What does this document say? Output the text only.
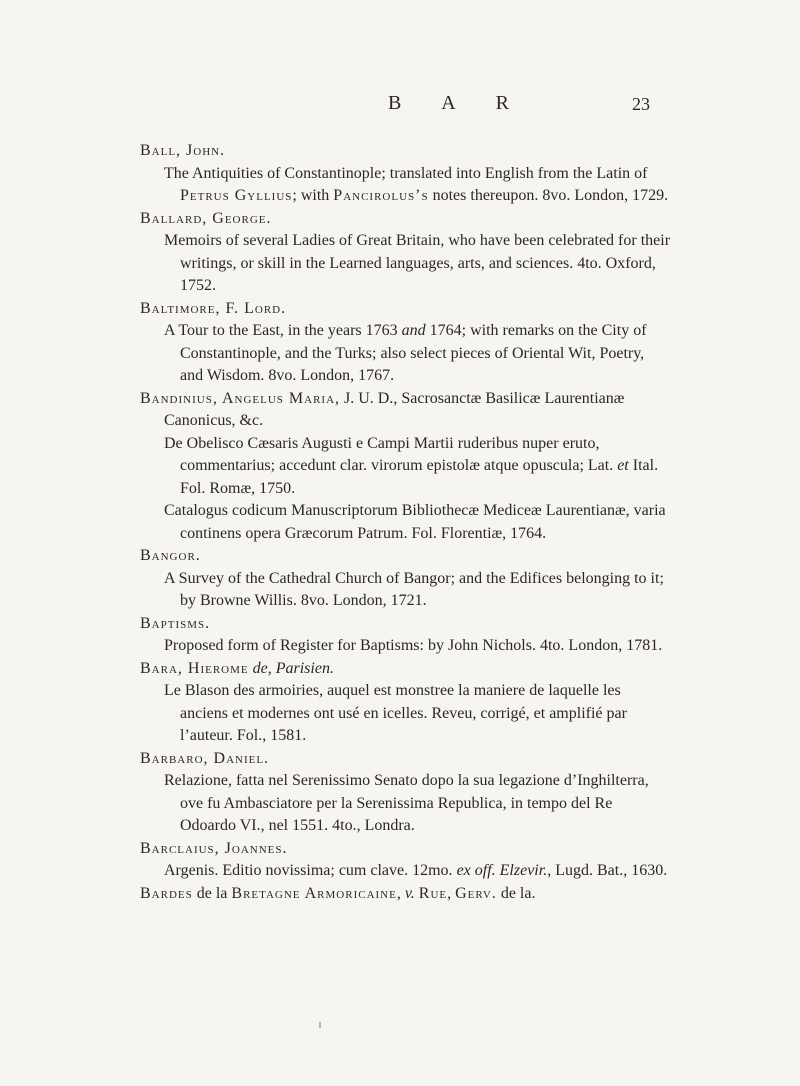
B A R	23
Ball, John.
The Antiquities of Constantinople; translated into English from the Latin of Petrus Gyllius; with Pancirolus’s notes thereupon. 8vo. London, 1729.
Ballard, George.
Memoirs of several Ladies of Great Britain, who have been celebrated for their writings, or skill in the Learned languages, arts, and sciences. 4to. Oxford, 1752.
Baltimore, F. Lord.
A Tour to the East, in the years 1763 and 1764; with remarks on the City of Constantinople, and the Turks; also select pieces of Oriental Wit, Poetry, and Wisdom. 8vo. London, 1767.
Bandinius, Angelus Maria, J. U. D., Sacrosanctæ Basilicæ Laurentianæ Canonicus, &c.
De Obelisco Cæsaris Augusti e Campi Martii ruderibus nuper eruto, commentarius; accedunt clar. virorum epistolæ atque opuscula; Lat. et Ital. Fol. Romæ, 1750.
Catalogus codicum Manuscriptorum Bibliothecæ Mediceæ Laurentianæ, varia continens opera Græcorum Patrum. Fol. Florentiæ, 1764.
Bangor.
A Survey of the Cathedral Church of Bangor; and the Edifices belonging to it; by Browne Willis. 8vo. London, 1721.
Baptisms.
Proposed form of Register for Baptisms: by John Nichols. 4to. London, 1781.
Bara, Hierome de, Parisien.
Le Blason des armoiries, auquel est monstree la maniere de laquelle les anciens et modernes ont usé en icelles. Reveu, corrigé, et amplifié par l’auteur. Fol., 1581.
Barbaro, Daniel.
Relazione, fatta nel Serenissimo Senato dopo la sua legazione d’Inghilterra, ove fu Ambasciatore per la Serenissima Republica, in tempo del Re Odoardo VI., nel 1551. 4to., Londra.
Barclaius, Joannes.
Argenis. Editio novissima; cum clave. 12mo. ex off. Elzevir., Lugd. Bat., 1630.
Bardes de la Bretagne Armoricaine, v. Rue, Gerv. de la.
